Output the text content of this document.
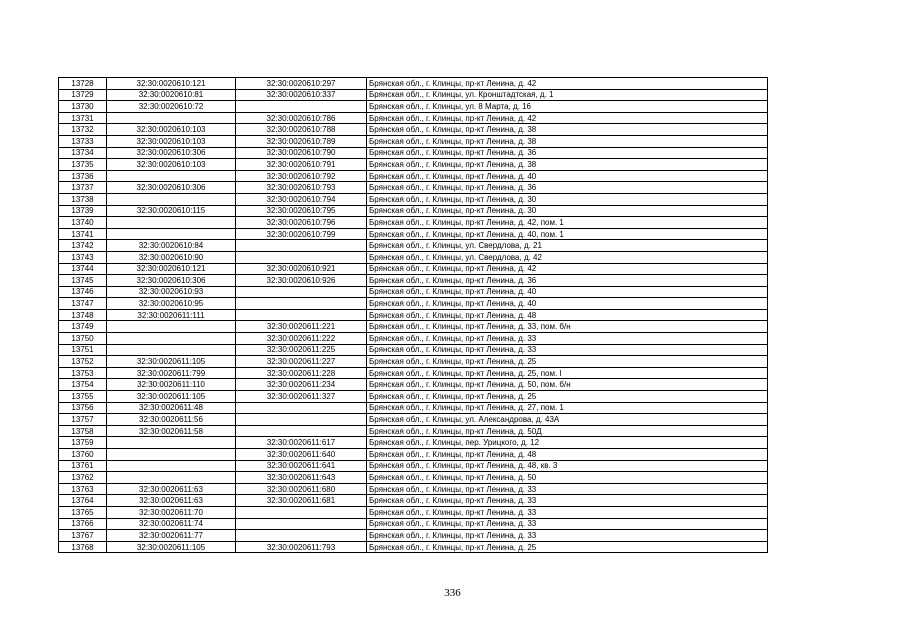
13728	32:30:0020610:121	32:30:0020610:297	Брянская обл., г. Клинцы, пр-кт Ленина, д. 42
13729	32:30:0020610:81	32:30:0020610:337	Брянская обл., г. Клинцы, ул. Кронштадтская, д. 1
13730	32:30:0020610:72		Брянская обл., г. Клинцы, ул. 8 Марта, д. 16
13731		32:30:0020610:786	Брянская обл., г. Клинцы, пр-кт Ленина, д. 42
13732	32:30:0020610:103	32:30:0020610:788	Брянская обл., г. Клинцы, пр-кт Ленина, д. 38
13733	32:30:0020610:103	32:30:0020610:789	Брянская обл., г. Клинцы, пр-кт Ленина, д. 38
13734	32:30:0020610:306	32:30:0020610:790	Брянская обл., г. Клинцы, пр-кт Ленина, д. 36
13735	32:30:0020610:103	32:30:0020610:791	Брянская обл., г. Клинцы, пр-кт Ленина, д. 38
13736		32:30:0020610:792	Брянская обл., г. Клинцы, пр-кт Ленина, д. 40
13737	32:30:0020610:306	32:30:0020610:793	Брянская обл., г. Клинцы, пр-кт Ленина, д. 36
13738		32:30:0020610:794	Брянская обл., г. Клинцы, пр-кт Ленина, д. 30
13739	32:30:0020610:115	32:30:0020610:795	Брянская обл., г. Клинцы, пр-кт Ленина, д. 30
13740		32:30:0020610:796	Брянская обл., г. Клинцы, пр-кт Ленина, д. 42, пом. 1
13741		32:30:0020610:799	Брянская обл., г. Клинцы, пр-кт Ленина, д. 40, пом. 1
13742	32:30:0020610:84		Брянская обл., г. Клинцы, ул. Свердлова, д. 21
13743	32:30:0020610:90		Брянская обл., г. Клинцы, ул. Свердлова, д. 42
13744	32:30:0020610:121	32:30:0020610:921	Брянская обл., г. Клинцы, пр-кт Ленина, д. 42
13745	32:30:0020610:306	32:30:0020610:926	Брянская обл., г. Клинцы, пр-кт Ленина, д. 36
13746	32:30:0020610:93		Брянская обл., г. Клинцы, пр-кт Ленина, д. 40
13747	32:30:0020610:95		Брянская обл., г. Клинцы, пр-кт Ленина, д. 40
13748	32:30:0020611:111		Брянская обл., г. Клинцы, пр-кт Ленина, д. 48
13749		32:30:0020611:221	Брянская обл., г. Клинцы, пр-кт Ленина, д. 33, пом. б/н
13750		32:30:0020611:222	Брянская обл., г. Клинцы, пр-кт Ленина, д. 33
13751		32:30:0020611:225	Брянская обл., г. Клинцы, пр-кт Ленина, д. 33
13752	32:30:0020611:105	32:30:0020611:227	Брянская обл., г. Клинцы, пр-кт Ленина, д. 25
13753	32:30:0020611:799	32:30:0020611:228	Брянская обл., г. Клинцы, пр-кт Ленина, д. 25, пом. I
13754	32:30:0020611:110	32:30:0020611:234	Брянская обл., г. Клинцы, пр-кт Ленина, д. 50, пом. б/н
13755	32:30:0020611:105	32:30:0020611:327	Брянская обл., г. Клинцы, пр-кт Ленина, д. 25
13756	32:30:0020611:48		Брянская обл., г. Клинцы, пр-кт Ленина, д. 27, пом. 1
13757	32:30:0020611:56		Брянская обл., г. Клинцы, ул. Александрова, д. 43А
13758	32:30:0020611:58		Брянская обл., г. Клинцы, пр-кт Ленина, д. 50Д
13759		32:30:0020611:617	Брянская обл., г. Клинцы, пер. Урицкого, д. 12
13760		32:30:0020611:640	Брянская обл., г. Клинцы, пр-кт Ленина, д. 48
13761		32:30:0020611:641	Брянская обл., г. Клинцы, пр-кт Ленина, д. 48, кв. 3
13762		32:30:0020611:643	Брянская обл., г. Клинцы, пр-кт Ленина, д. 50
13763	32:30:0020611:63	32:30:0020611:680	Брянская обл., г. Клинцы, пр-кт Ленина, д. 33
13764	32:30:0020611:63	32:30:0020611:681	Брянская обл., г. Клинцы, пр-кт Ленина, д. 33
13765	32:30:0020611:70		Брянская обл., г. Клинцы, пр-кт Ленина, д. 33
13766	32:30:0020611:74		Брянская обл., г. Клинцы, пр-кт Ленина, д. 33
13767	32:30:0020611:77		Брянская обл., г. Клинцы, пр-кт Ленина, д. 33
13768	32:30:0020611:105	32:30:0020611:793	Брянская обл., г. Клинцы, пр-кт Ленина, д. 25
336
